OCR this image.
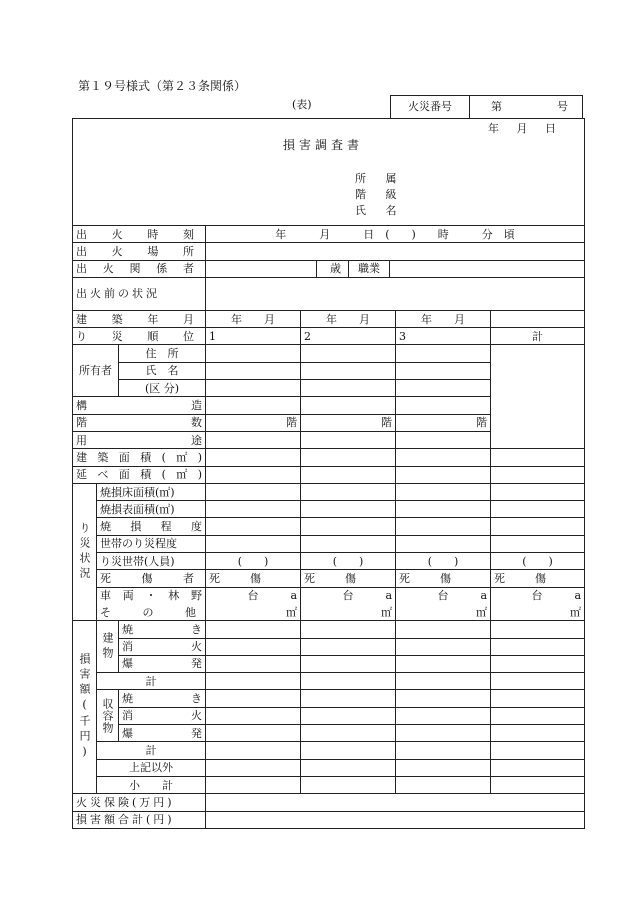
第１９号様式（第２３条関係）
(表)	火災番号	第	号
年 月 日
損害調査書
所 属
階 級
氏 名						

出火時刻			年　　　月　　　日　(　　)　　時　　　分　頃			
出火場所						
出火関係者			歳 職業			

出火前の状況						
建築年月			年　　月	年　　月	年　　月	
り災順位			1	2	3	計
所有者		住　所				
		氏　名				
		(区 分)				
構造						
階数			階	階	階	
用途						
建築面積(㎡)						
延べ面積(㎡)						
り災状況	焼損床面積(㎡)					
	焼損表面積(㎡)					
	焼損程度					
	世帯のり災程度					
	り災世帯(人員)		(　　)	(　　)	(　　)	(　　)
	死傷者		死 傷	死 傷	死 傷	死 傷
	車両・林野		台 a	台 a	台 a	台 a
	その他		㎡	㎡	㎡	㎡
損害額(千円)	建物	焼　き				
		消　火				
		爆　発				
	計					
	収容物	焼　き				
		消　火				
		爆　発				
	計					
	上記以外					
	小　　計					
火災保険(万円)						
損害額合計(円)						
